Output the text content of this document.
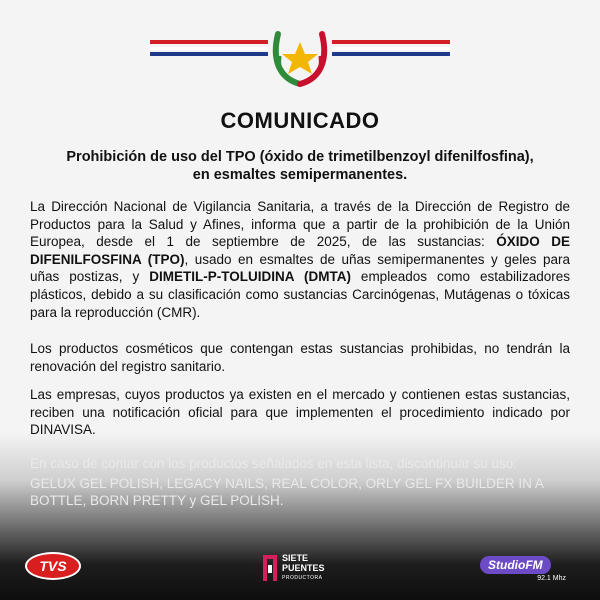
COMUNICADO
Prohibición de uso del TPO (óxido de trimetilbenzoyl difenilfosfina),
en esmaltes semipermanentes.
La Dirección Nacional de Vigilancia Sanitaria, a través de la Dirección de Registro de Productos para la Salud y Afines, informa que a partir de la prohibición de la Unión Europea, desde el 1 de septiembre de 2025, de las sustancias: ÓXIDO DE DIFENILFOSFINA (TPO), usado en esmaltes de uñas semipermanentes y geles para uñas postizas, y DIMETIL-P-TOLUIDINA (DMTA) empleados como estabilizadores plásticos, debido a su clasificación como sustancias Carcinógenas, Mutágenas o tóxicas para la reproducción (CMR).
Los productos cosméticos que contengan estas sustancias prohibidas, no tendrán la renovación del registro sanitario.
Las empresas, cuyos productos ya existen en el mercado y contienen estas sustancias, reciben una notificación oficial para que implementen el procedimiento indicado por DINAVISA.
En caso de contar con los productos señalados en esta lista, discontinuar su uso:
GELUX GEL POLISH, LEGACY NAILS, REAL COLOR, ORLY GEL FX BUILDER IN A BOTTLE, BORN PRETTY y GEL POLISH.
TVS	SIETE
PUENTES
PRODUCTORA
StudioFM
92.1 Mhz
